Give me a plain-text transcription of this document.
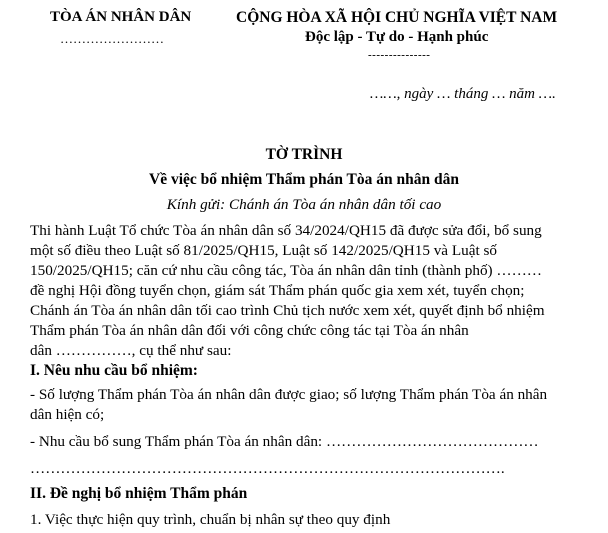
TÒA ÁN NHÂN DÂN
……………………
CỘNG HÒA XÃ HỘI CHỦ NGHĨA VIỆT NAM
Độc lập - Tự do - Hạnh phúc
---------------
……, ngày … tháng … năm ….
TỜ TRÌNH
Về việc bổ nhiệm Thẩm phán Tòa án nhân dân
Kính gửi: Chánh án Tòa án nhân dân tối cao
Thi hành Luật Tổ chức Tòa án nhân dân số 34/2024/QH15 đã được sửa đổi, bổ sung
một số điều theo Luật số 81/2025/QH15, Luật số 142/2025/QH15 và Luật số
150/2025/QH15; căn cứ nhu cầu công tác, Tòa án nhân dân tỉnh (thành phố) ………
đề nghị Hội đồng tuyển chọn, giám sát Thẩm phán quốc gia xem xét, tuyển chọn;
Chánh án Tòa án nhân dân tối cao trình Chủ tịch nước xem xét, quyết định bổ nhiệm
Thẩm phán Tòa án nhân dân đối với công chức công tác tại Tòa án nhân
dân ……………, cụ thể như sau:
I. Nêu nhu cầu bổ nhiệm:
- Số lượng Thẩm phán Tòa án nhân dân được giao; số lượng Thẩm phán Tòa án nhân
dân hiện có;
- Nhu cầu bổ sung Thẩm phán Tòa án nhân dân: ……………………………………
………………………………………………………………………………….
II. Đề nghị bổ nhiệm Thẩm phán
1. Việc thực hiện quy trình, chuẩn bị nhân sự theo quy định
